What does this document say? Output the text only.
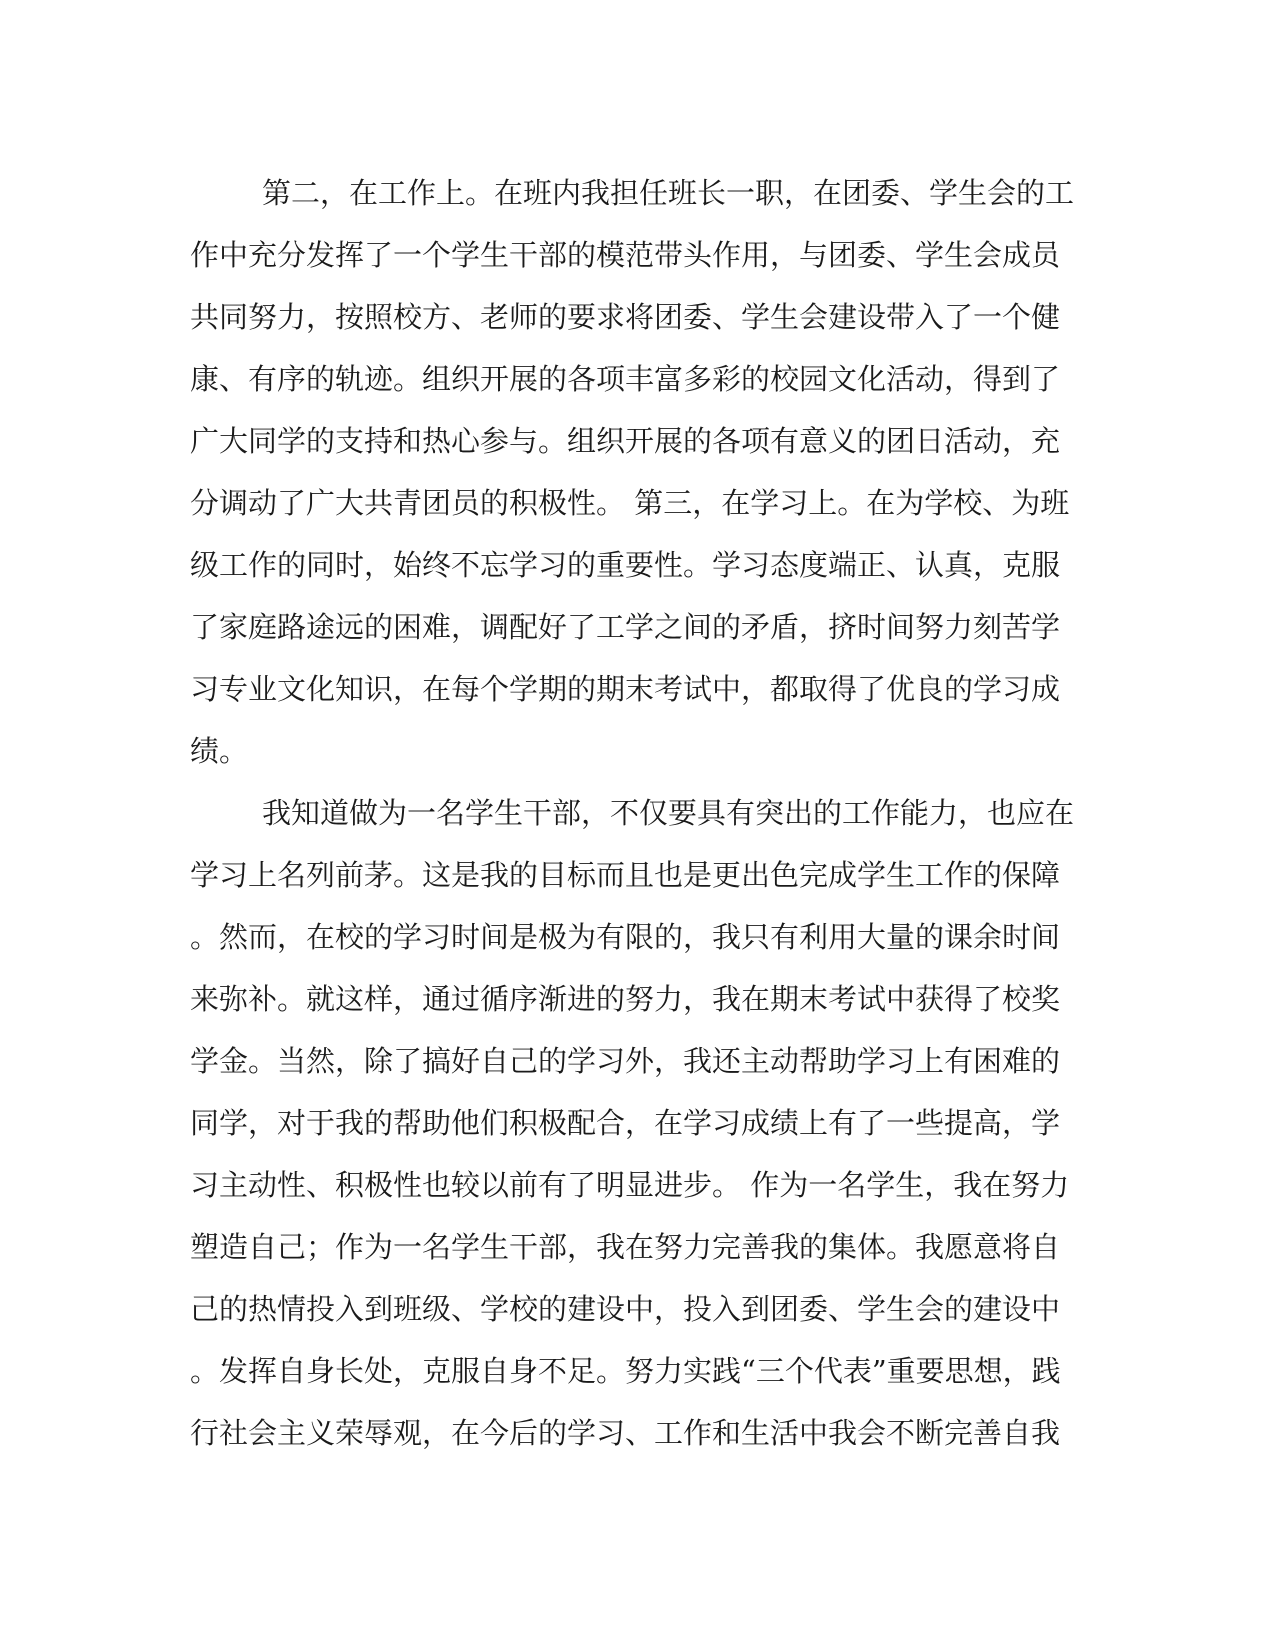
第二，在工作上。在班内我担任班长一职，在团委、学生会的工
作中充分发挥了一个学生干部的模范带头作用，与团委、学生会成员
共同努力，按照校方、老师的要求将团委、学生会建设带入了一个健
康、有序的轨迹。组织开展的各项丰富多彩的校园文化活动，得到了
广大同学的支持和热心参与。组织开展的各项有意义的团日活动，充
分调动了广大共青团员的积极性。 第三，在学习上。在为学校、为班
级工作的同时，始终不忘学习的重要性。学习态度端正、认真，克服
了家庭路途远的困难，调配好了工学之间的矛盾，挤时间努力刻苦学
习专业文化知识，在每个学期的期末考试中，都取得了优良的学习成
绩。
我知道做为一名学生干部，不仅要具有突出的工作能力，也应在
学习上名列前茅。这是我的目标而且也是更出色完成学生工作的保障
。然而，在校的学习时间是极为有限的，我只有利用大量的课余时间
来弥补。就这样，通过循序渐进的努力，我在期末考试中获得了校奖
学金。当然，除了搞好自己的学习外，我还主动帮助学习上有困难的
同学，对于我的帮助他们积极配合，在学习成绩上有了一些提高，学
习主动性、积极性也较以前有了明显进步。 作为一名学生，我在努力
塑造自己；作为一名学生干部，我在努力完善我的集体。我愿意将自
己的热情投入到班级、学校的建设中，投入到团委、学生会的建设中
。发挥自身长处，克服自身不足。努力实践“三个代表”重要思想，践
行社会主义荣辱观，在今后的学习、工作和生活中我会不断完善自我
